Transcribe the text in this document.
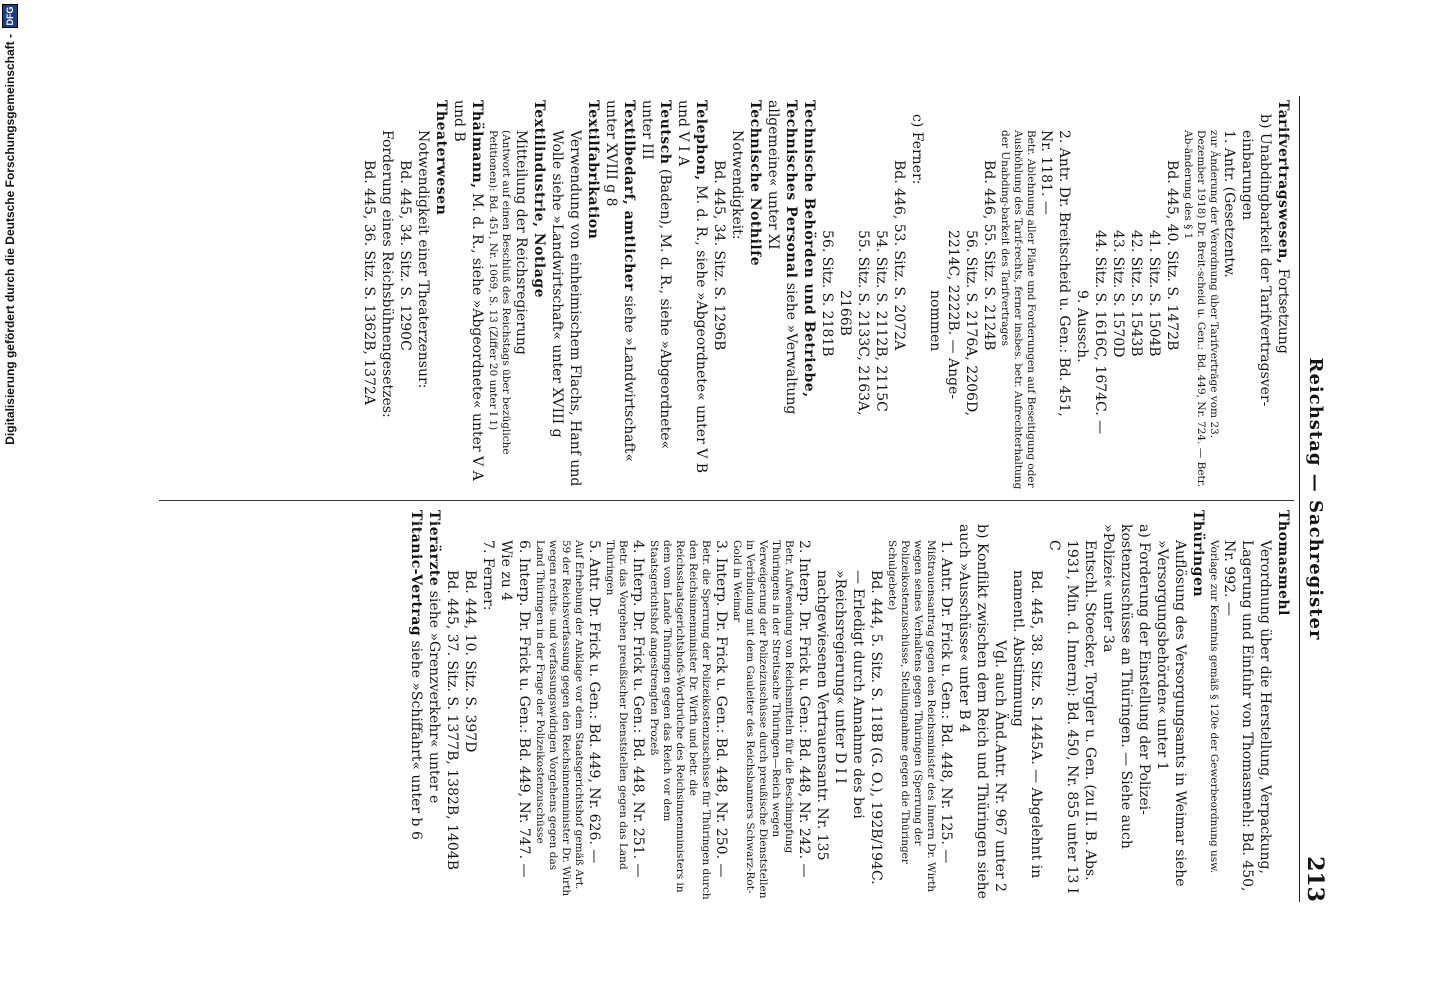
DFG
Digitalisierung gefördert durch die Deutsche Forschungsgemeinschaft -
Reichstag — Sachregister
213

Tarifvertragswesen, Fortsetzung

b) Unabdingbarkeit der Tarifvertragsver-

einbarungen

1. Antr. (Gesetzentw.
zur Änderung der Verordnung über Tarifverträge vom 23. Dezember 1918) Dr. Breit-scheid u. Gen.: Bd. 449, Nr. 724. — Betr. Ab-änderung des § 1

Bd. 445, 40. Sitz. S. 1472B

41. Sitz. S. 1504B

42. Sitz. S. 1543B

43. Sitz. S. 1570D

44. Sitz. S. 1616C, 1674C. —

9. Aussch.

2. Antr. Dr. Breitscheid u. Gen.: Bd. 451,

Nr. 1181. —
Betr. Ablehnung aller Pläne und Forderungen auf Beseitigung oder Aushöhlung des Tarif-rechts, ferner insbes. betr. Aufrechterhaltung der Unabding-barkeit des Tarifvertrages

Bd. 446, 55. Sitz. S. 2124B

56. Sitz. S. 2176A, 2206D,

2214C, 2222B. — Ange-

nommen

c) Ferner:

Bd. 446, 53. Sitz. S. 2072A

54. Sitz. S. 2112B, 2115C

55. Sitz. S. 2133C, 2163A,

2166B

56. Sitz. S. 2181B

Technische Behörden und Betriebe, Technisches Personal siehe »Verwaltung allgemeine« unter XI

Technische Nothilfe

Notwendigkeit:

Bd. 445, 34. Sitz. S. 1296B

Telephon, M. d. R., siehe »Abgeordnete« unter V B und V I A

Teutsch (Baden), M. d. R., siehe »Abgeordnete« unter III

Textilbedarf, amtlicher siehe »Landwirtschaft« unter XVIII g 8

Textilfabrikation

Verwendung von einheimischem Flachs, Hanf und Wolle siehe »Landwirtschaft« unter XVIII g

Textilindustrie, Notlage

Mitteilung der Reichsregierung
(Antwort auf einen Beschluß des Reichstags über bezügliche Petitionen): Bd. 451, Nr. 1069, S. 13 (Ziffer 20 unter I 1)

Thälmann, M. d. R., siehe »Abgeordnete« unter V A und B

Theaterwesen

Notwendigkeit einer Theaterzensur:

Bd. 445, 34. Sitz. S. 1290C

Forderung eines Reichsbühnengesetzes:

Bd. 445, 36. Sitz. S. 1362B, 1372A

Thomasmehl

Verordnung über die Herstellung, Verpackung, Lagerung und Einfuhr von Thomasmehl: Bd. 450, Nr. 992. —
Vorlage zur Kenntnis gemäß § 120e der Gewerbeordnung usw.

Thüringen

Auflösung des Versorgungsamts in Weimar siehe »Versorgungsbehörden« unter 1

a) Forderung der Einstellung der Polizei-kostenzuschüsse an Thüringen. — Siehe auch »Polizei« unter 3a

Entschl. Stoecker, Torgler u. Gen. (zu II. B. Abs. 1931, Min. d. Innern): Bd. 450, Nr. 855 unter 13 I C

Bd. 445, 38. Sitz. S. 1445A. — Abgelehnt in namentl. Abstimmung

Vgl. auch Änd.Antr. Nr. 967 unter 2

b) Konflikt zwischen dem Reich und Thüringen siehe auch »Ausschüsse« unter B 4

1. Antr. Dr. Frick u. Gen.: Bd. 448, Nr. 125. —
Mißtrauensantrag gegen den Reichsminister des Innern Dr. Wirth wegen seines Verhaltens gegen Thüringen (Sperrung der Polizeikostenzuschüsse, Stellungnahme gegen die Thüringer Schulgebete)

Bd. 444, 5. Sitz. S. 118B (G. O.), 192B/194C. — Erledigt durch Annahme des bei »Reichsregierung« unter D I I nachgewiesenen Vertrauensantr. Nr. 135

2. Interp. Dr. Frick u. Gen.: Bd. 448, Nr. 242. —
Betr. Aufwendung von Reichsmitteln für die Beschimpfung Thüringens in der Streitsache Thüringen—Reich wegen Verweigerung der Polizeizuschüsse durch preußische Dienststellen in Verbindung mit dem Gauleiter des Reichsbanners Schwarz-Rot-Gold in Weimar

3. Interp. Dr. Frick u. Gen.: Bd. 448, Nr. 250. —
Betr. die Sperrung der Polizeikostenzuschüsse für Thüringen durch den Reichsinnenminister Dr. Wirth und betr. die Reichsstaatsgerichtshofs-Wortbrüche des Reichsinnenministers in dem vom Lande Thüringen gegen das Reich vor dem Staatsgerichtshof angestrengten Prozeß

4. Interp. Dr. Frick u. Gen.: Bd. 448, Nr. 251. —
Betr. das Vorgehen preußischer Dienststellen gegen das Land Thüringen

5. Antr. Dr. Frick u. Gen.: Bd. 449, Nr. 626. —
Auf Erhebung der Anklage vor dem Staatsgerichtshof gemäß Art. 59 der Reichsverfassung gegen den Reichsinnenminister Dr. Wirth wegen rechts- und verfassungswidrigen Vorgehens gegen das Land Thüringen in der Frage der Polizeikostenzuschüsse

6. Interp. Dr. Frick u. Gen.: Bd. 449, Nr. 747. — Wie zu 4

7. Ferner:

Bd. 444, 10. Sitz. S. 397D

Bd. 445, 37. Sitz. S. 1377B, 1382B, 1404B

Tierärzte siehe »Grenzverkehr« unter e

Titanic-Vertrag siehe »Schiffahrt« unter b 6
